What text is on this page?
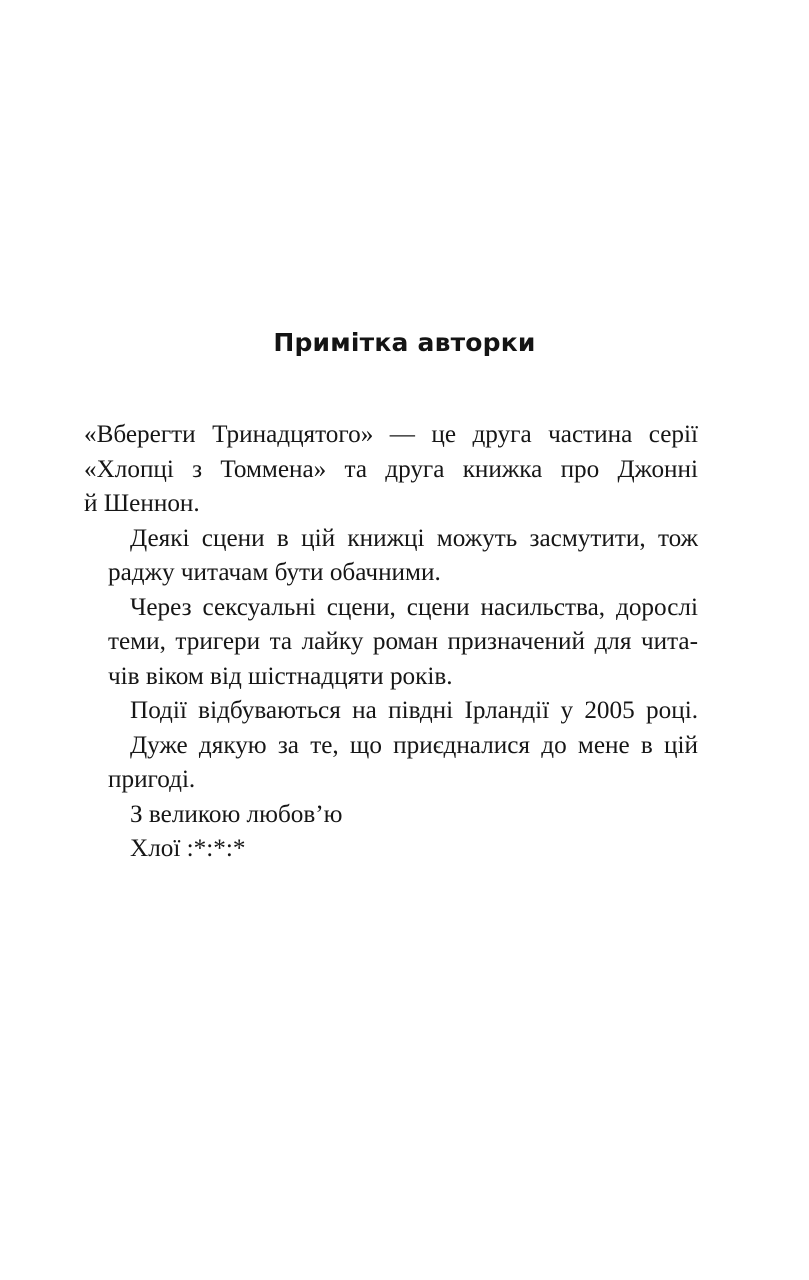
Примітка авторки
«Вберегти Тринадцятого» — це друга частина серії
«Хлопці з Томмена» та друга книжка про Джонні
й Шеннон.
Деякі сцени в цій книжці можуть засмутити, тож
раджу читачам бути обачними.
Через сексуальні сцени, сцени насильства, дорослі
теми, тригери та лайку роман призначений для чита-
чів віком від шістнадцяти років.
Події відбуваються на півдні Ірландії у 2005 році.
Дуже дякую за те, що приєдналися до мене в цій
пригоді.
З великою любов’ю
Хлої :*:*:*
